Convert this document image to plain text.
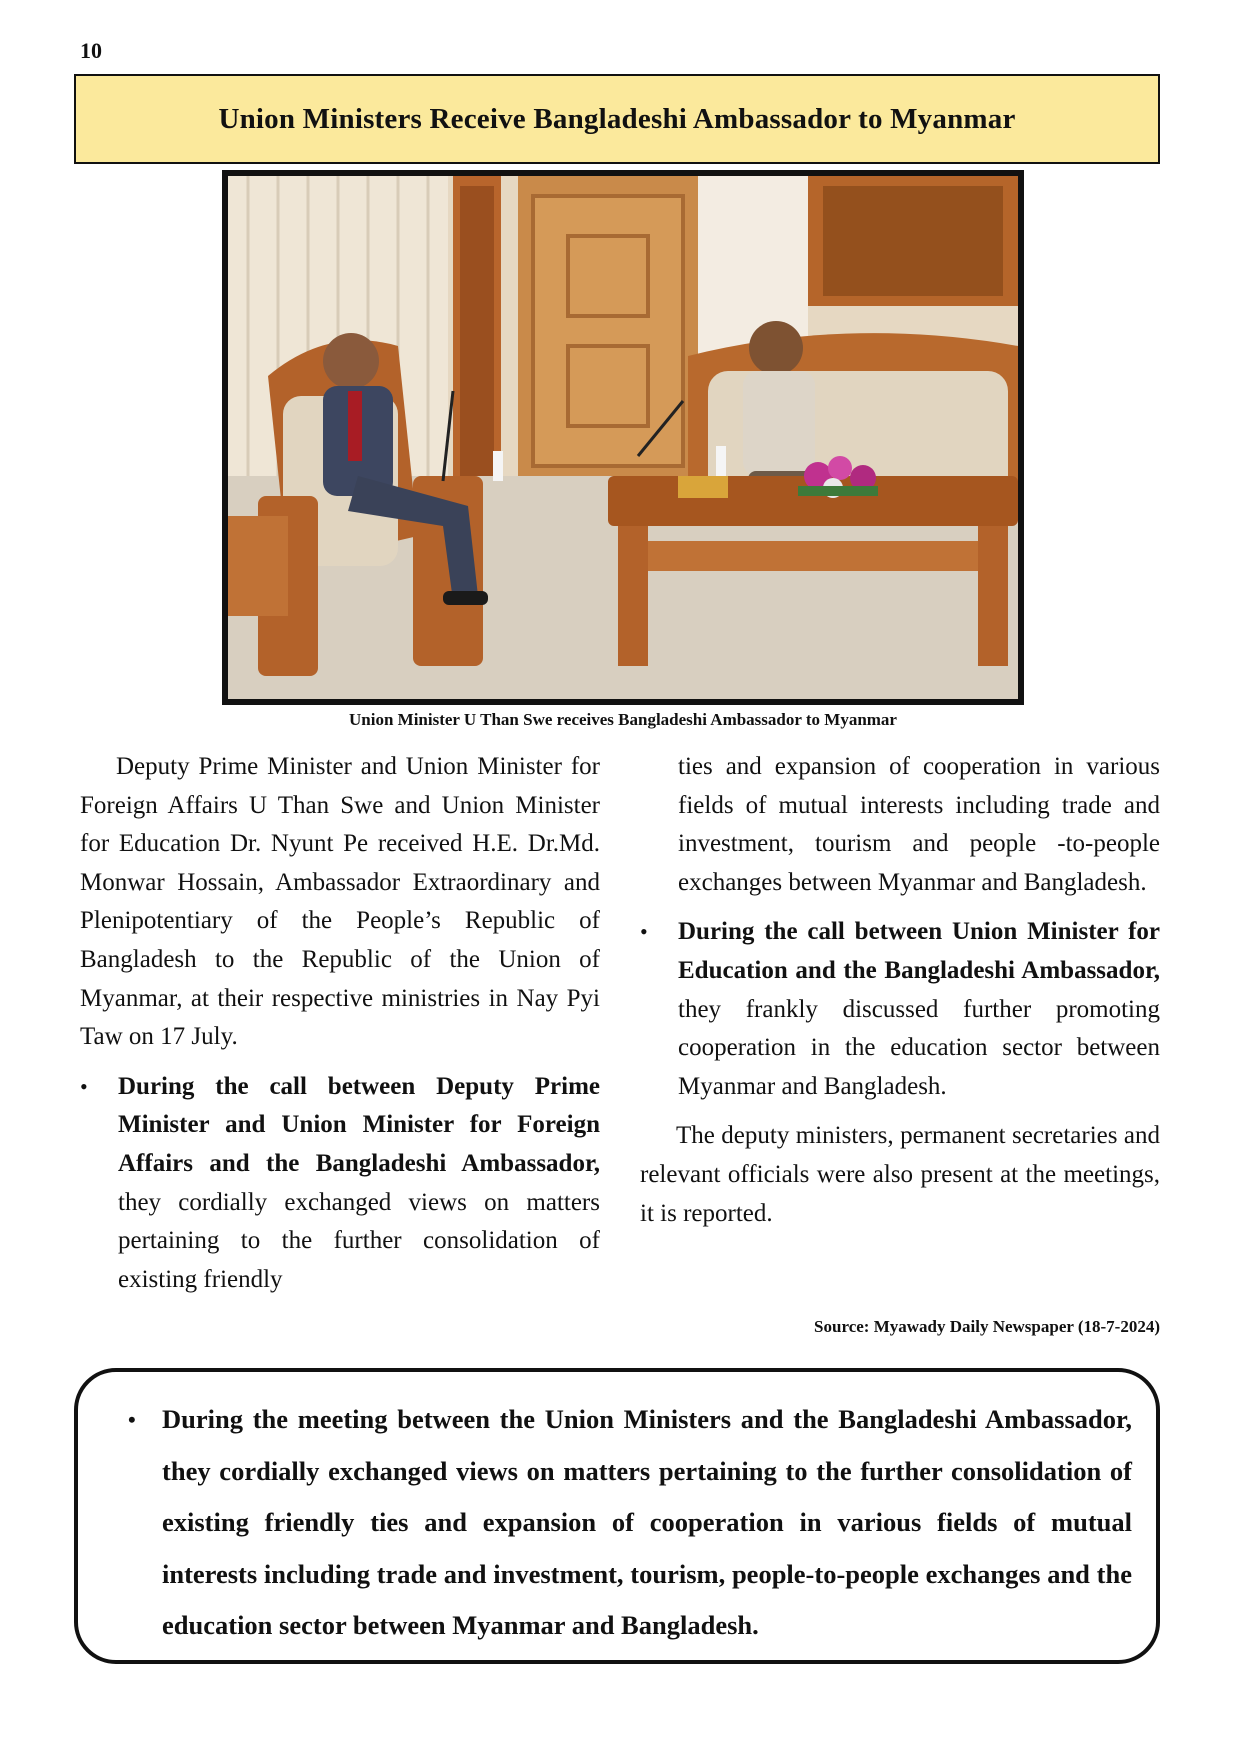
10
Union Ministers Receive Bangladeshi Ambassador to Myanmar
Union Minister U Than Swe receives Bangladeshi Ambassador to Myanmar

Deputy Prime Minister and Union Minister for Foreign Affairs U Than Swe and Union Minister for Education Dr. Nyunt Pe received H.E. Dr.Md. Monwar Hossain, Ambassador Extraordinary and Plenipotentiary of the People’s Republic of Bangladesh to the Republic of the Union of Myanmar, at their respective ministries in Nay Pyi Taw on 17 July.

• During the call between Deputy Prime Minister and Union Minister for Foreign Affairs and the Bangladeshi Ambassador, they cordially exchanged views on matters pertaining to the further consolidation of existing friendly

ties and expansion of cooperation in various fields of mutual interests including trade and investment, tourism and people -to-people exchanges between Myanmar and Bangladesh.

• During the call between Union Minister for Education and the Bangladeshi Ambassador, they frankly discussed further promoting cooperation in the education sector between Myanmar and Bangladesh.

The deputy ministers, permanent secretaries and relevant officials were also present at the meetings, it is reported.

Source: Myawady Daily Newspaper (18-7-2024)
• During the meeting between the Union Ministers and the Bangladeshi Ambassador, they cordially exchanged views on matters pertaining to the further consolidation of existing friendly ties and expansion of cooperation in various fields of mutual interests including trade and investment, tourism, people-to-people exchanges and the education sector between Myanmar and Bangladesh.
